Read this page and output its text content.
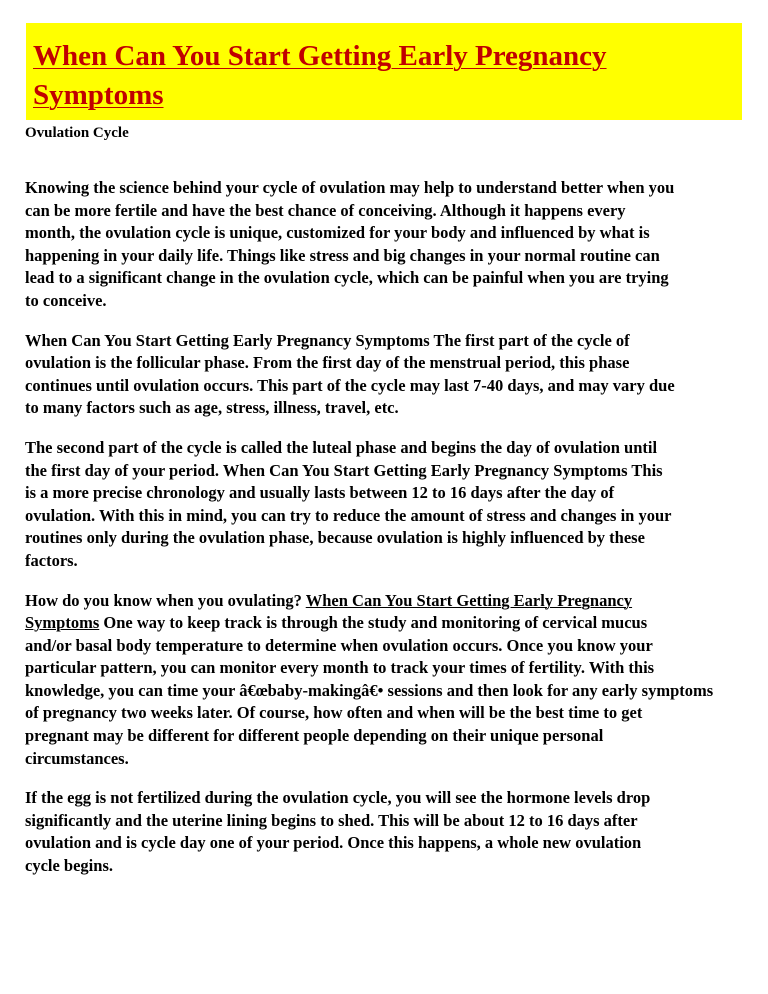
When Can You Start Getting Early Pregnancy
Symptoms

Ovulation Cycle

Knowing the science behind your cycle of ovulation may help to understand better when you
can be more fertile and have the best chance of conceiving. Although it happens every
month, the ovulation cycle is unique, customized for your body and influenced by what is
happening in your daily life. Things like stress and big changes in your normal routine can
lead to a significant change in the ovulation cycle, which can be painful when you are trying
to conceive.

When Can You Start Getting Early Pregnancy Symptoms The first part of the cycle of
ovulation is the follicular phase. From the first day of the menstrual period, this phase
continues until ovulation occurs. This part of the cycle may last 7-40 days, and may vary due
to many factors such as age, stress, illness, travel, etc.

The second part of the cycle is called the luteal phase and begins the day of ovulation until
the first day of your period. When Can You Start Getting Early Pregnancy Symptoms This
is a more precise chronology and usually lasts between 12 to 16 days after the day of
ovulation. With this in mind, you can try to reduce the amount of stress and changes in your
routines only during the ovulation phase, because ovulation is highly influenced by these
factors.

How do you know when you ovulating? When Can You Start Getting Early Pregnancy
Symptoms One way to keep track is through the study and monitoring of cervical mucus
and/or basal body temperature to determine when ovulation occurs. Once you know your
particular pattern, you can monitor every month to track your times of fertility. With this
knowledge, you can time your â€œbaby-makingâ€• sessions and then look for any early symptoms
of pregnancy two weeks later. Of course, how often and when will be the best time to get
pregnant may be different for different people depending on their unique personal
circumstances.

If the egg is not fertilized during the ovulation cycle, you will see the hormone levels drop
significantly and the uterine lining begins to shed. This will be about 12 to 16 days after
ovulation and is cycle day one of your period. Once this happens, a whole new ovulation
cycle begins.
